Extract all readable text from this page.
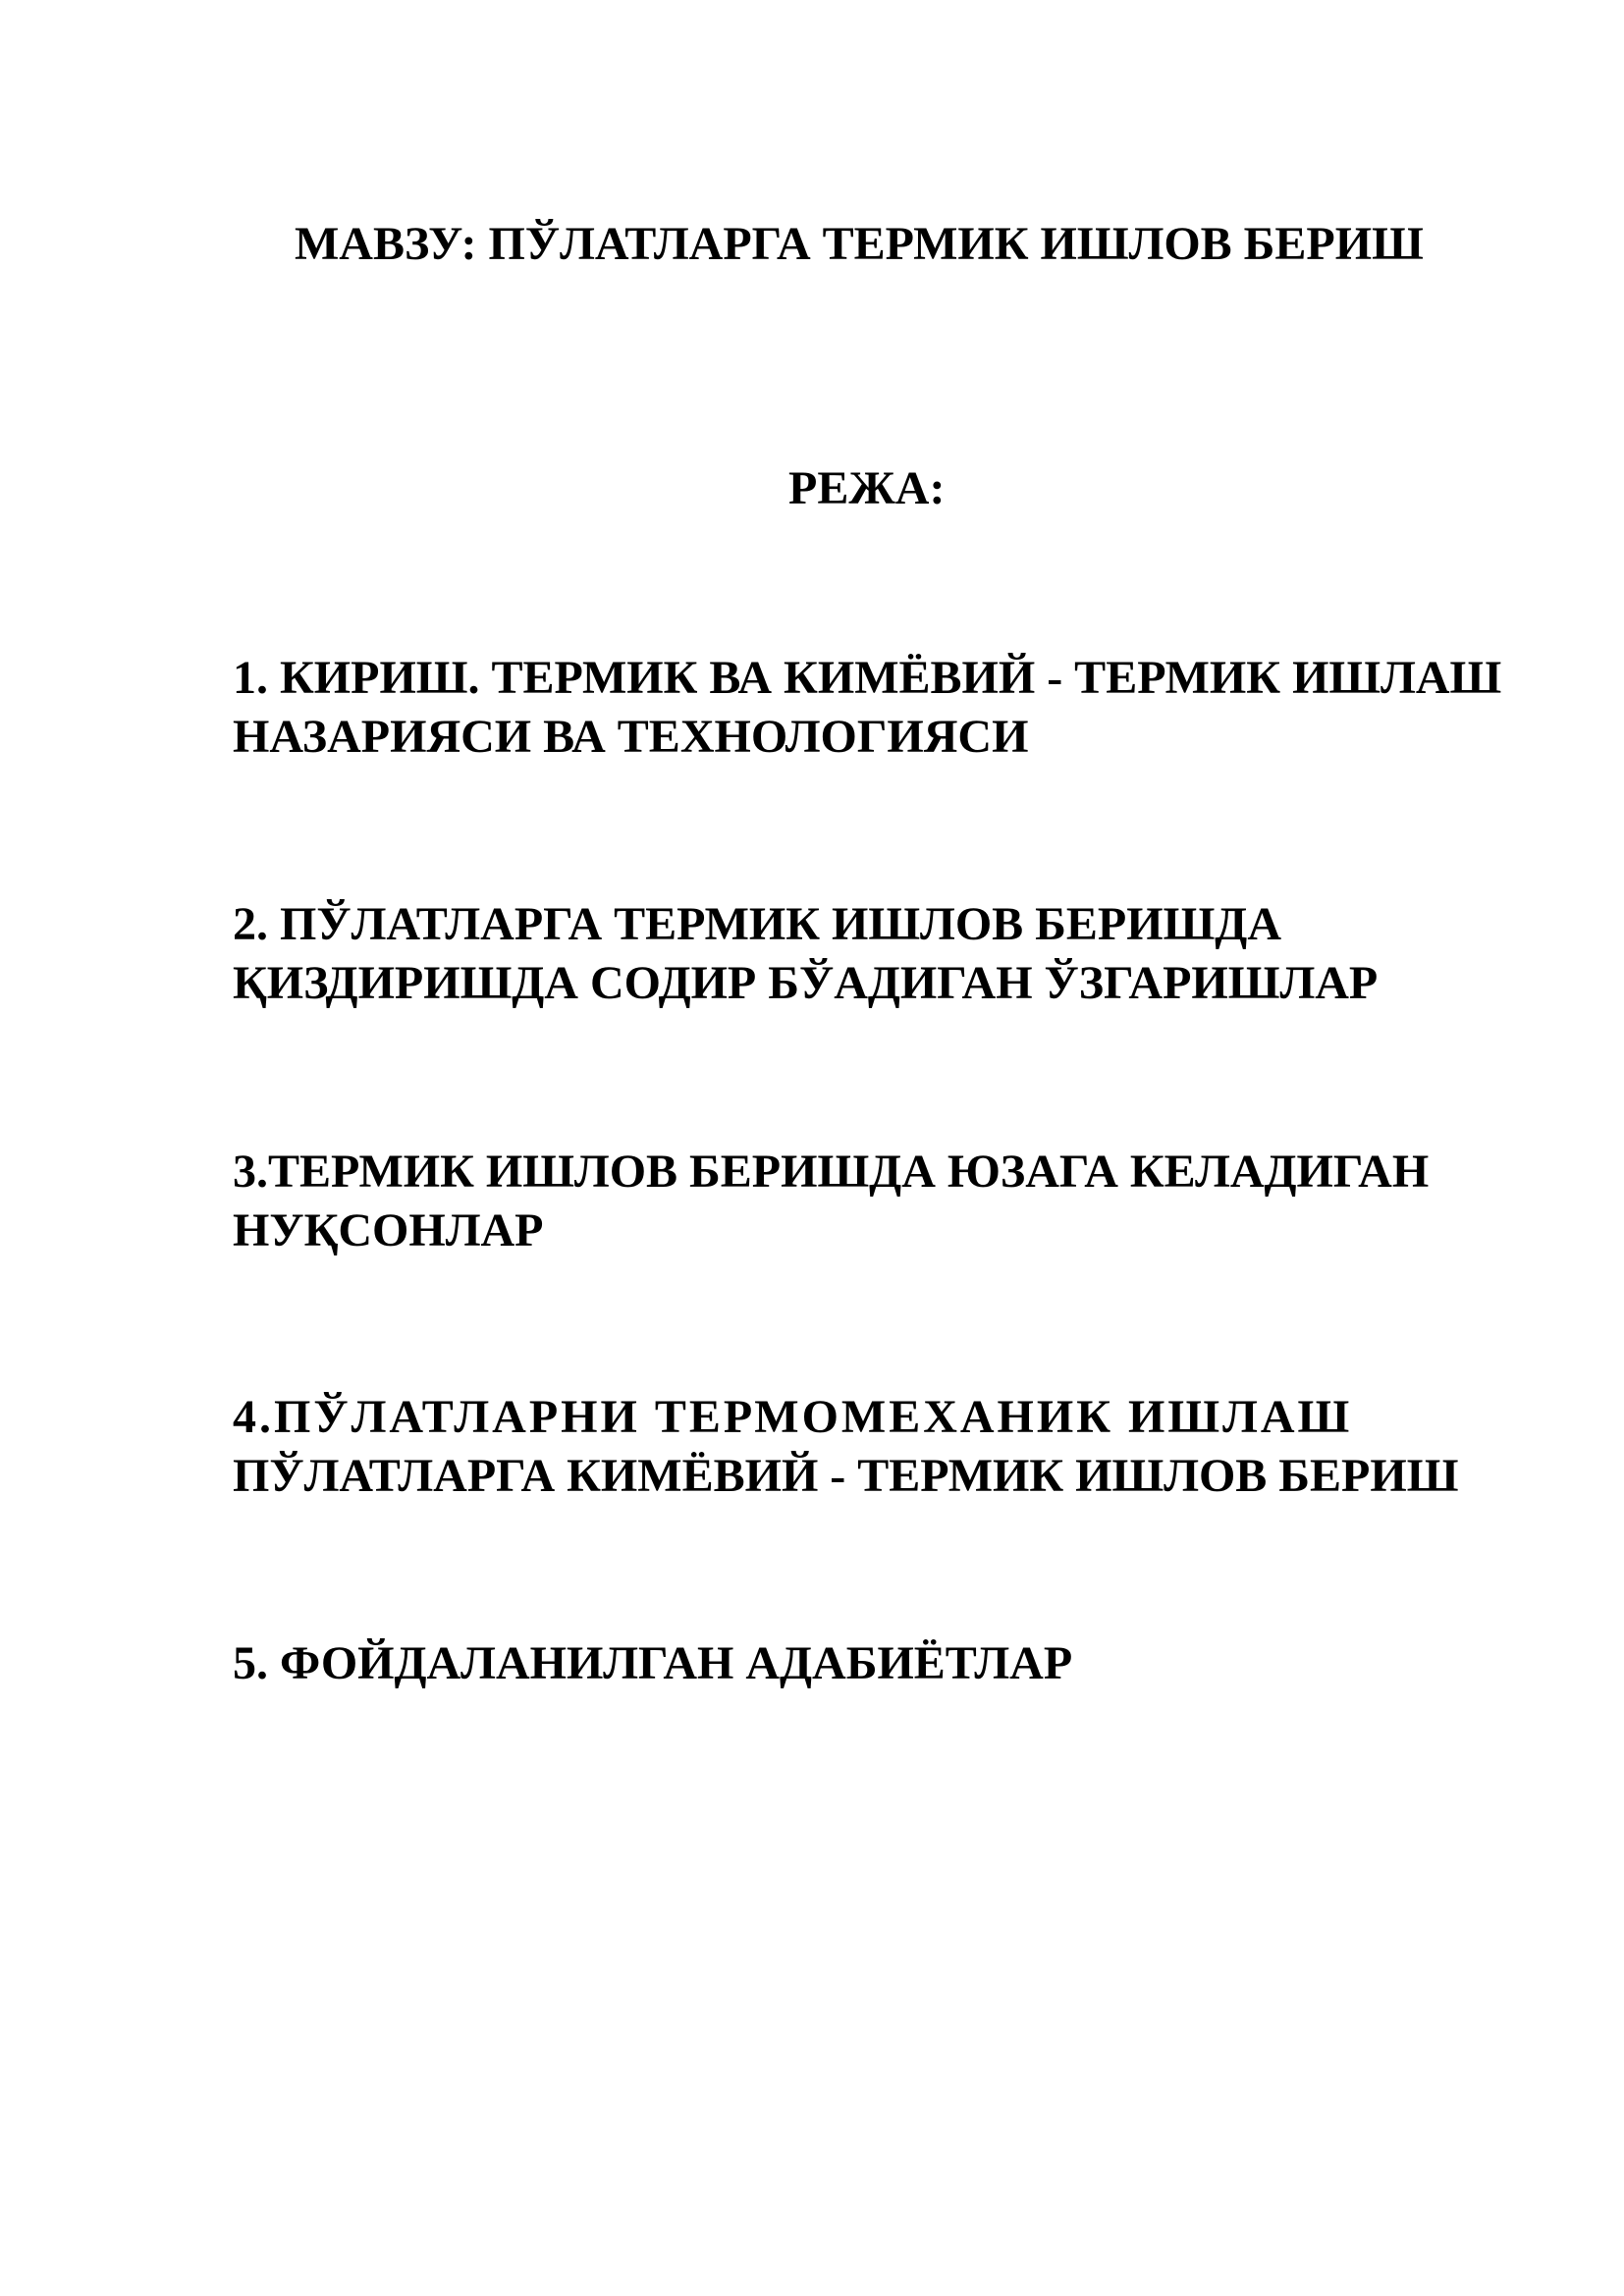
МАВЗУ: ПЎЛАТЛАРГА ТЕРМИК ИШЛОВ БЕРИШ
РЕЖА:

1. КИРИШ. ТЕРМИК ВА КИМЁВИЙ - ТЕРМИК ИШЛАШ

НАЗАРИЯСИ ВА ТЕХНОЛОГИЯСИ

2. ПЎЛАТЛАРГА ТЕРМИК ИШЛОВ БЕРИШДА

ҚИЗДИРИШДА СОДИР БЎАДИГАН ЎЗГАРИШЛАР

3.ТЕРМИК ИШЛОВ БЕРИШДА ЮЗАГА КЕЛАДИГАН

НУҚСОНЛАР

4.ПЎЛАТЛАРНИ ТЕРМОМЕХАНИК ИШЛАШ

ПЎЛАТЛАРГА КИМЁВИЙ - ТЕРМИК ИШЛОВ БЕРИШ

5. ФОЙДАЛАНИЛГАН АДАБИЁТЛАР
